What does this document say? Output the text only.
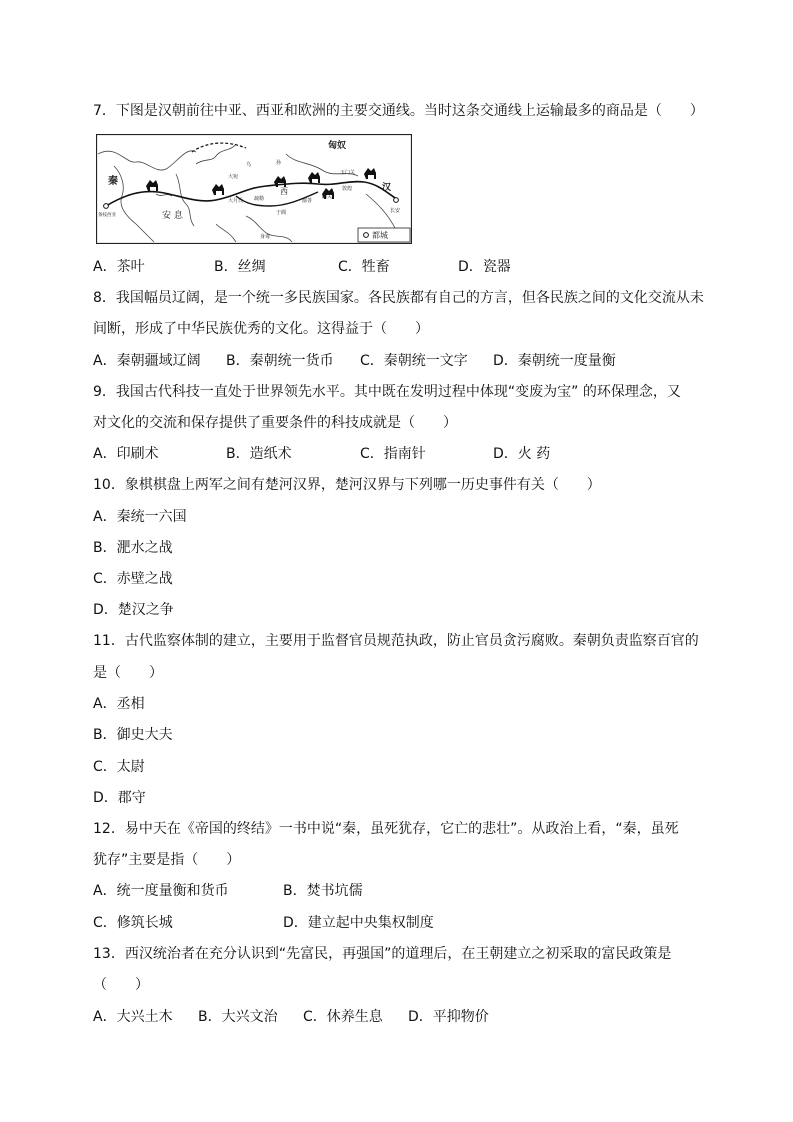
7．下图是汉朝前往中亚、西亚和欧洲的主要交通线。当时这条交通线上运输最多的商品是（　　）
匈奴
秦
安 息
汉
西
条枝西亚
大宛
大月氏 疏勒
玉门关
敦煌
阳关
鄯善
于阗	长安
乌	孙
身毒	都城
A．茶叶	B．丝绸	C．牲畜	D．瓷器
8．我国幅员辽阔，是一个统一多民族国家。各民族都有自己的方言，但各民族之间的文化交流从未
间断，形成了中华民族优秀的文化。这得益于（　　）
A．秦朝疆域辽阔 B．秦朝统一货币 C．秦朝统一文字 D．秦朝统一度量衡
9．我国古代科技一直处于世界领先水平。其中既在发明过程中体现“变废为宝” 的环保理念，又
对文化的交流和保存提供了重要条件的科技成就是（　　）
A．印刷术	B．造纸术	C．指南针	D．火 药
10．象棋棋盘上两军之间有楚河汉界，楚河汉界与下列哪一历史事件有关（　　）
A．秦统一六国
B．淝水之战
C．赤壁之战
D．楚汉之争
11．古代监察体制的建立，主要用于监督官员规范执政，防止官员贪污腐败。秦朝负责监察百官的
是（　　）
A．丞相
B．御史大夫
C．太尉
D．郡守
12．易中天在《帝国的终结》一书中说“秦，虽死犹存，它亡的悲壮”。从政治上看，“秦，虽死
犹存”主要是指（　　）
A．统一度量衡和货币	B．焚书坑儒
C．修筑长城	D．建立起中央集权制度
13．西汉统治者在充分认识到“先富民，再强国”的道理后，在王朝建立之初采取的富民政策是
（　　）
A．大兴土木 B．大兴文治 C．休养生息 D．平抑物价
